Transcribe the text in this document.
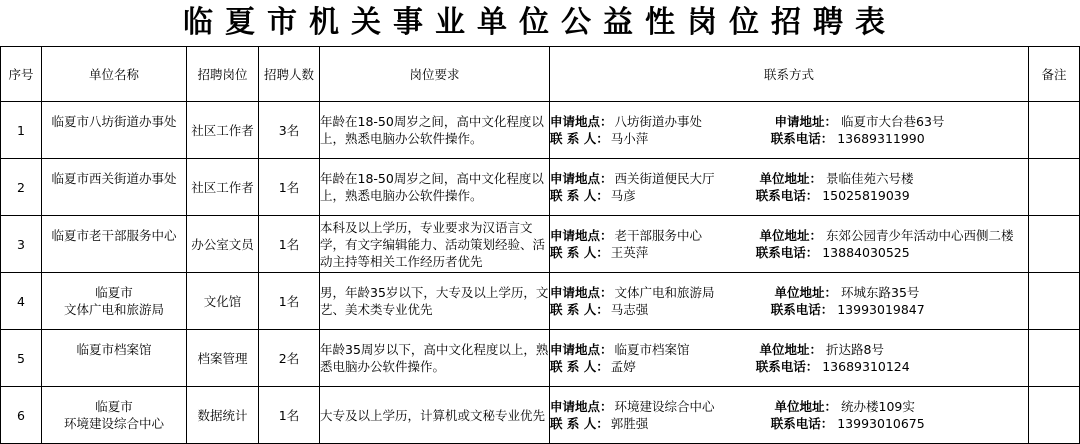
临夏市机关事业单位公益性岗位招聘表
序号	单位名称	招聘岗位	招聘人数	岗位要求	联系方式	备注
1	临夏市八坊街道办事处	社区工作者	3名	年龄在18-50周岁之间，高中文化程度以上，熟悉电脑办公软件操作。	申请地点： 八坊街道办事处 申请地址： 临夏市大台巷63号
联 系 人： 马小萍 联系电话： 13689311990	

2	临夏市西关街道办事处	社区工作者	1名	年龄在18-50周岁之间，高中文化程度以上，熟悉电脑办公软件操作。	申请地点： 西关街道便民大厅 单位地址： 景临佳苑六号楼
联 系 人： 马彦 联系电话： 15025819039	

3	临夏市老干部服务中心	办公室文员	1名	本科及以上学历，专业要求为汉语言文学，有文字编辑能力、活动策划经验、活动主持等相关工作经历者优先	申请地点： 老干部服务中心 单位地址： 东郊公园青少年活动中心西侧二楼
联 系 人： 王英萍 联系电话： 13884030525	

4	临夏市
文体广电和旅游局	文化馆	1名	男，年龄35岁以下，大专及以上学历，文艺、美术类专业优先	申请地点： 文体广电和旅游局 单位地址： 环城东路35号
联 系 人： 马志强 联系电话： 13993019847	

5	临夏市档案馆	档案管理	2名	年龄35周岁以下，高中文化程度以上，熟悉电脑办公软件操作。	申请地点： 临夏市档案馆 单位地址： 折达路8号
联 系 人： 孟婷 联系电话： 13689310124	

6	临夏市
环境建设综合中心	数据统计	1名	大专及以上学历，计算机或文秘专业优先	申请地点： 环境建设综合中心 单位地址： 统办楼109实
联 系 人： 郭胜强 联系电话： 13993010675	
